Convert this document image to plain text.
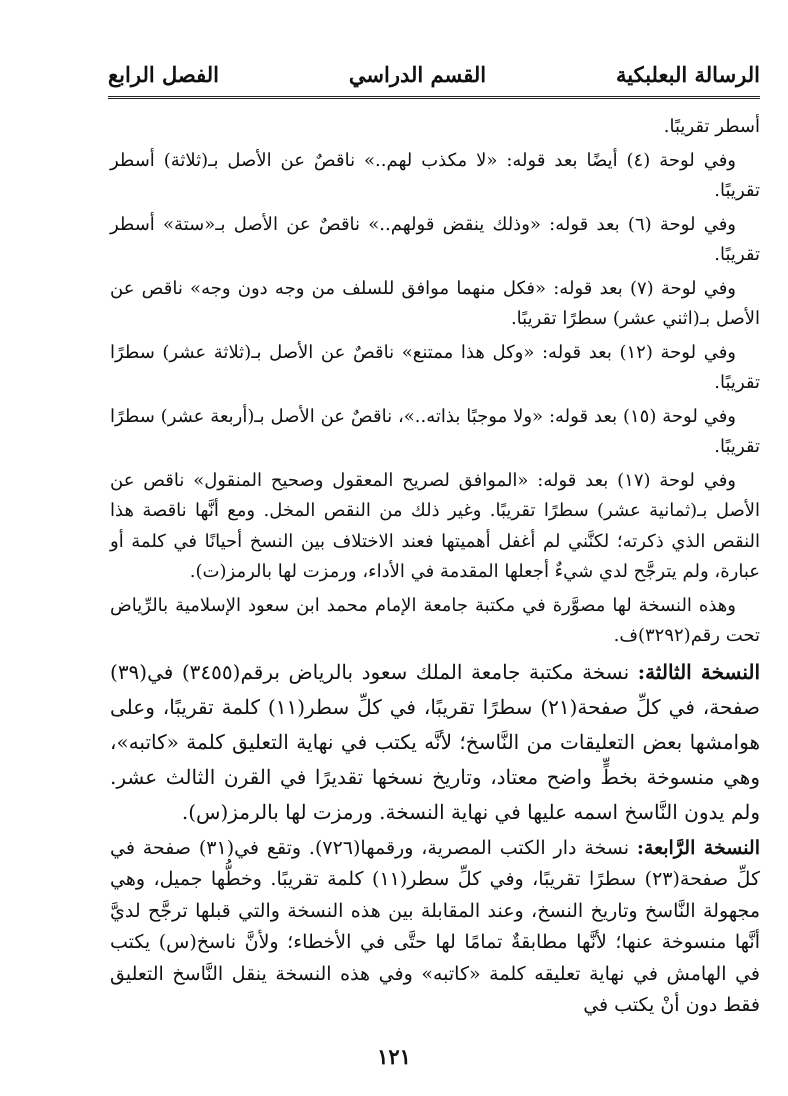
الرسالة البعلبكية
القسم الدراسي
الفصل الرابع

أسطر تقريبًا.

وفي لوحة (٤) أيضًا بعد قوله: «لا مكذب لهم..» ناقصٌ عن الأصل بـ(ثلاثة) أسطر تقريبًا.

وفي لوحة (٦) بعد قوله: «وذلك ينقض قولهم..» ناقصٌ عن الأصل بـ«ستة» أسطر تقريبًا.

وفي لوحة (٧) بعد قوله: «فكل منهما موافق للسلف من وجه دون وجه» ناقص عن الأصل بـ(اثني عشر) سطرًا تقريبًا.

وفي لوحة (١٢) بعد قوله: «وكل هذا ممتنع» ناقصٌ عن الأصل بـ(ثلاثة عشر) سطرًا تقريبًا.

وفي لوحة (١٥) بعد قوله: «ولا موجبًا بذاته..»، ناقصٌ عن الأصل بـ(أربعة عشر) سطرًا تقريبًا.

وفي لوحة (١٧) بعد قوله: «الموافق لصريح المعقول وصحيح المنقول» ناقص عن الأصل بـ(ثمانية عشر) سطرًا تقريبًا. وغير ذلك من النقص المخل. ومع أنَّها ناقصة هذا النقص الذي ذكرته؛ لكنَّني لم أغفل أهميتها فعند الاختلاف بين النسخ أحيانًا في كلمة أو عبارة، ولم يترجَّح لدي شيءٌ أجعلها المقدمة في الأداء، ورمزت لها بالرمز(ت).

وهذه النسخة لها مصوَّرة في مكتبة جامعة الإمام محمد ابن سعود الإسلامية بالرِّياض تحت رقم(٣٢٩٢)ف.

النسخة الثالثة: نسخة مكتبة جامعة الملك سعود بالرياض برقم(٣٤٥٥) في(٣٩) صفحة، في كلِّ صفحة(٢١) سطرًا تقريبًا، في كلِّ سطر(١١) كلمة تقريبًا، وعلى هوامشها بعض التعليقات من النَّاسخ؛ لأنَّه يكتب في نهاية التعليق كلمة «كاتبه»، وهي منسوخة بخطٍّ واضح معتاد، وتاريخ نسخها تقديرًا في القرن الثالث عشر. ولم يدون النَّاسخ اسمه عليها في نهاية النسخة. ورمزت لها بالرمز(س).

النسخة الرَّابعة: نسخة دار الكتب المصرية، ورقمها(٧٢٦). وتقع في(٣١) صفحة في كلِّ صفحة(٢٣) سطرًا تقريبًا، وفي كلِّ سطر(١١) كلمة تقريبًا. وخطُّها جميل، وهي مجهولة النَّاسخ وتاريخ النسخ، وعند المقابلة بين هذه النسخة والتي قبلها ترجَّح لديَّ أنَّها منسوخة عنها؛ لأنَّها مطابقةٌ تمامًا لها حتَّى في الأخطاء؛ ولأنَّ ناسخ(س) يكتب في الهامش في نهاية تعليقه كلمة «كاتبه» وفي هذه النسخة ينقل النَّاسخ التعليق فقط دون أنْ يكتب في

١٢١
